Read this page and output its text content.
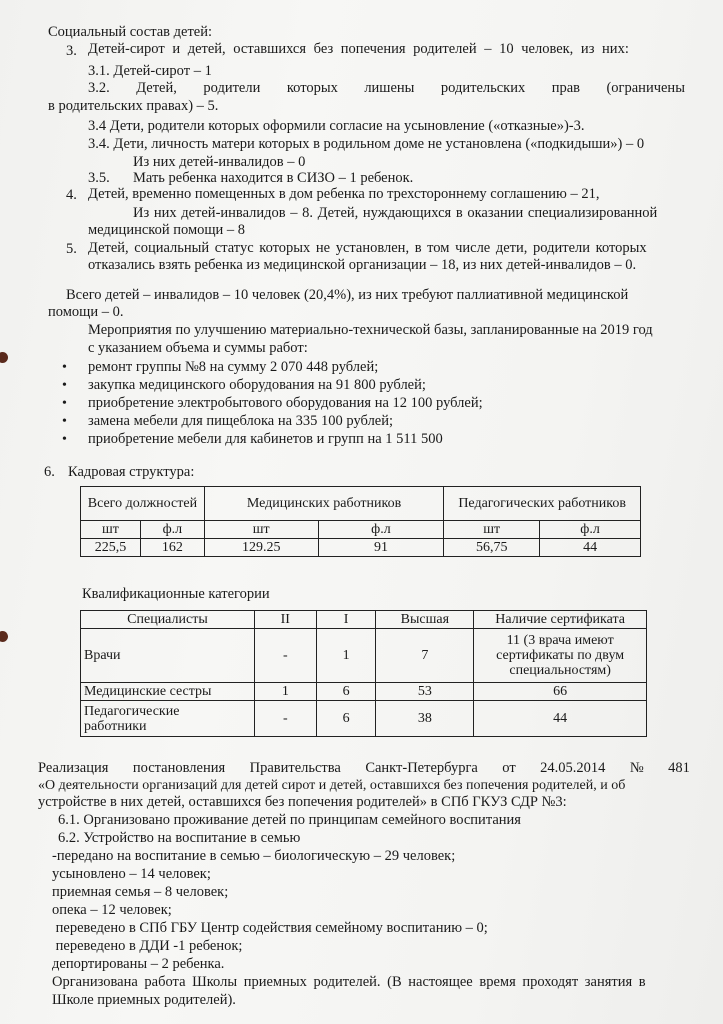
Социальный состав детей:
3. Детей-сирот и детей, оставшихся без попечения родителей – 10 человек, из них:
3.1. Детей-сирот – 1
3.2. Детей, родители которых лишены родительских прав (ограничены
в родительских правах) – 5.
3.4 Дети, родители которых оформили согласие на усыновление («отказные»)-3.
3.4. Дети, личность матери которых в родильном доме не установлена («подкидыши») – 0
Из них детей-инвалидов – 0
3.5. Мать ребенка находится в СИЗО – 1 ребенок.
4. Детей, временно помещенных в дом ребенка по трехстороннему соглашению – 21,
Из них детей-инвалидов – 8. Детей, нуждающихся в оказании специализированной
медицинской помощи – 8
5. Детей, социальный статус которых не установлен, в том числе дети, родители которых
отказались взять ребенка из медицинской организации – 18, из них детей-инвалидов – 0.
Всего детей – инвалидов – 10 человек (20,4%), из них требуют паллиативной медицинской
помощи – 0.
Мероприятия по улучшению материально-технической базы, запланированные на 2019 год
с указанием объема и суммы работ:
• ремонт группы №8 на сумму 2 070 448 рублей;
• закупка медицинского оборудования на 91 800 рублей;
• приобретение электробытового оборудования на 12 100 рублей;
• замена мебели для пищеблока на 335 100 рублей;
• приобретение мебели для кабинетов и групп на 1 511 500
6. Кадровая структура:
Всего должностей		Медицинских работников		Педагогических работников	
шт	ф.л	шт	ф.л	шт	ф.л
225,5	162	129.25	91	56,75	44
Квалификационные категории
Специалисты	II	I	Высшая	Наличие сертификата
Врачи	-	1	7	11 (3 врача имеют сертификаты по двум специальностям)
Медицинские сестры	1	6	53	66
Педагогические работники	-	6	38	44
Реализация постановления Правительства Санкт-Петербурга от 24.05.2014 № 481
«О деятельности организаций для детей сирот и детей, оставшихся без попечения родителей, и об
устройстве в них детей, оставшихся без попечения родителей» в СПб ГКУЗ СДР №3:
6.1. Организовано проживание детей по принципам семейного воспитания
6.2. Устройство на воспитание в семью
-передано на воспитание в семью – биологическую – 29 человек;
усыновлено – 14 человек;
приемная семья – 8 человек;
опека – 12 человек;
переведено в СПб ГБУ Центр содействия семейному воспитанию – 0;
переведено в ДДИ -1 ребенок;
депортированы – 2 ребенка.
Организована работа Школы приемных родителей. (В настоящее время проходят занятия в
Школе приемных родителей).
